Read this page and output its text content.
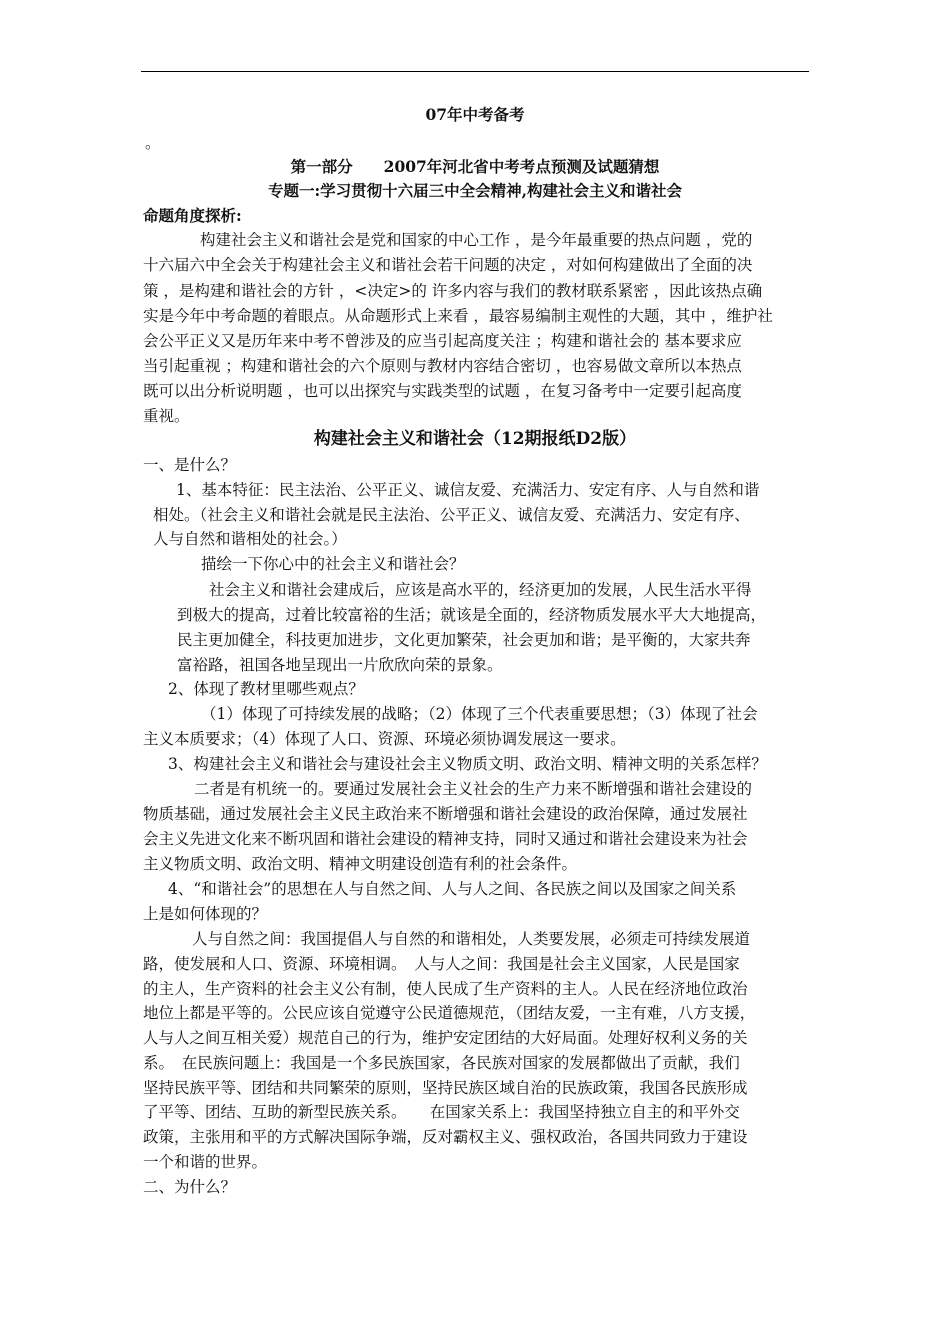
07年中考备考
。
第一部分　　2007年河北省中考考点预测及试题猜想
专题一:学习贯彻十六届三中全会精神,构建社会主义和谐社会
命题角度探析:
构建社会主义和谐社会是党和国家的中心工作 ，是今年最重要的热点问题 ，党的
十六届六中全会关于构建社会主义和谐社会若干问题的决定 ，对如何构建做出了全面的决
策 ，是构建和谐社会的方针 ，<决定>的 许多内容与我们的教材联系紧密 ，因此该热点确
实是今年中考命题的着眼点。从命题形式上来看 ，最容易编制主观性的大题，其中 ，维护社
会公平正义又是历年来中考不曾涉及的应当引起高度关注 ；构建和谐社会的 基本要求应
当引起重视 ；构建和谐社会的六个原则与教材内容结合密切 ，也容易做文章所以本热点
既可以出分析说明题 ，也可以出探究与实践类型的试题 ，在复习备考中一定要引起高度
重视。
构建社会主义和谐社会（12期报纸D2版）
一、是什么？
1、基本特征：民主法治、公平正义、诚信友爱、充满活力、安定有序、人与自然和谐
相处。（社会主义和谐社会就是民主法治、公平正义、诚信友爱、充满活力、安定有序、
人与自然和谐相处的社会。）
描绘一下你心中的社会主义和谐社会？
社会主义和谐社会建成后，应该是高水平的，经济更加的发展，人民生活水平得
到极大的提高，过着比较富裕的生活；就该是全面的，经济物质发展水平大大地提高，
民主更加健全，科技更加进步，文化更加繁荣，社会更加和谐；是平衡的，大家共奔
富裕路，祖国各地呈现出一片欣欣向荣的景象。
2、体现了教材里哪些观点？
（1）体现了可持续发展的战略；（2）体现了三个代表重要思想；（3）体现了社会
主义本质要求；（4）体现了人口、资源、环境必须协调发展这一要求。
3、构建社会主义和谐社会与建设社会主义物质文明、政治文明、精神文明的关系怎样？
二者是有机统一的。要通过发展社会主义社会的生产力来不断增强和谐社会建设的
物质基础，通过发展社会主义民主政治来不断增强和谐社会建设的政治保障，通过发展社
会主义先进文化来不断巩固和谐社会建设的精神支持，同时又通过和谐社会建设来为社会
主义物质文明、政治文明、精神文明建设创造有利的社会条件。
4、“和谐社会”的思想在人与自然之间、人与人之间、各民族之间以及国家之间关系
上是如何体现的？
人与自然之间：我国提倡人与自然的和谐相处，人类要发展，必须走可持续发展道
路，使发展和人口、资源、环境相调。　人与人之间：我国是社会主义国家，人民是国家
的主人，生产资料的社会主义公有制，使人民成了生产资料的主人。人民在经济地位政治
地位上都是平等的。公民应该自觉遵守公民道德规范，（团结友爱，一主有难，八方支援，
人与人之间互相关爱）规范自己的行为，维护安定团结的大好局面。处理好权利义务的关
系。　在民族问题上：我国是一个多民族国家，各民族对国家的发展都做出了贡献，我们
坚持民族平等、团结和共同繁荣的原则，坚持民族区域自治的民族政策，我国各民族形成
了平等、团结、互助的新型民族关系。　　在国家关系上：我国坚持独立自主的和平外交
政策，主张用和平的方式解决国际争端，反对霸权主义、强权政治，各国共同致力于建设
一个和谐的世界。
二、为什么？
